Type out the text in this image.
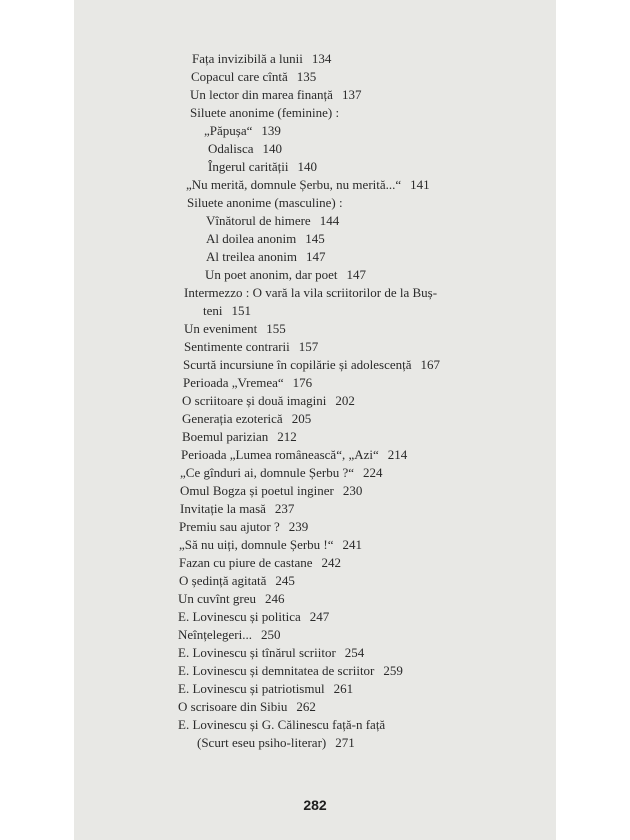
Fața invizibilă a lunii 134
Copacul care cîntă 135
Un lector din marea finanță 137
Siluete anonime (feminine) :
„Păpușa“ 139
Odalisca 140
Îngerul carității 140
„Nu merită, domnule Șerbu, nu merită...“ 141
Siluete anonime (masculine) :
Vînătorul de himere 144
Al doilea anonim 145
Al treilea anonim 147
Un poet anonim, dar poet 147
Intermezzo : O vară la vila scriitorilor de la Buș-
teni 151
Un eveniment 155
Sentimente contrarii 157
Scurtă incursiune în copilărie și adolescență 167
Perioada „Vremea“ 176
O scriitoare și două imagini 202
Generația ezoterică 205
Boemul parizian 212
Perioada „Lumea românească“, „Azi“ 214
„Ce gînduri ai, domnule Șerbu ?“ 224
Omul Bogza și poetul inginer 230
Invitație la masă 237
Premiu sau ajutor ? 239
„Să nu uiți, domnule Șerbu !“ 241
Fazan cu piure de castane 242
O ședință agitată 245
Un cuvînt greu 246
E. Lovinescu și politica 247
Neînțelegeri... 250
E. Lovinescu și tînărul scriitor 254
E. Lovinescu și demnitatea de scriitor 259
E. Lovinescu și patriotismul 261
O scrisoare din Sibiu 262
E. Lovinescu și G. Călinescu față-n față
(Scurt eseu psiho-literar) 271
282
